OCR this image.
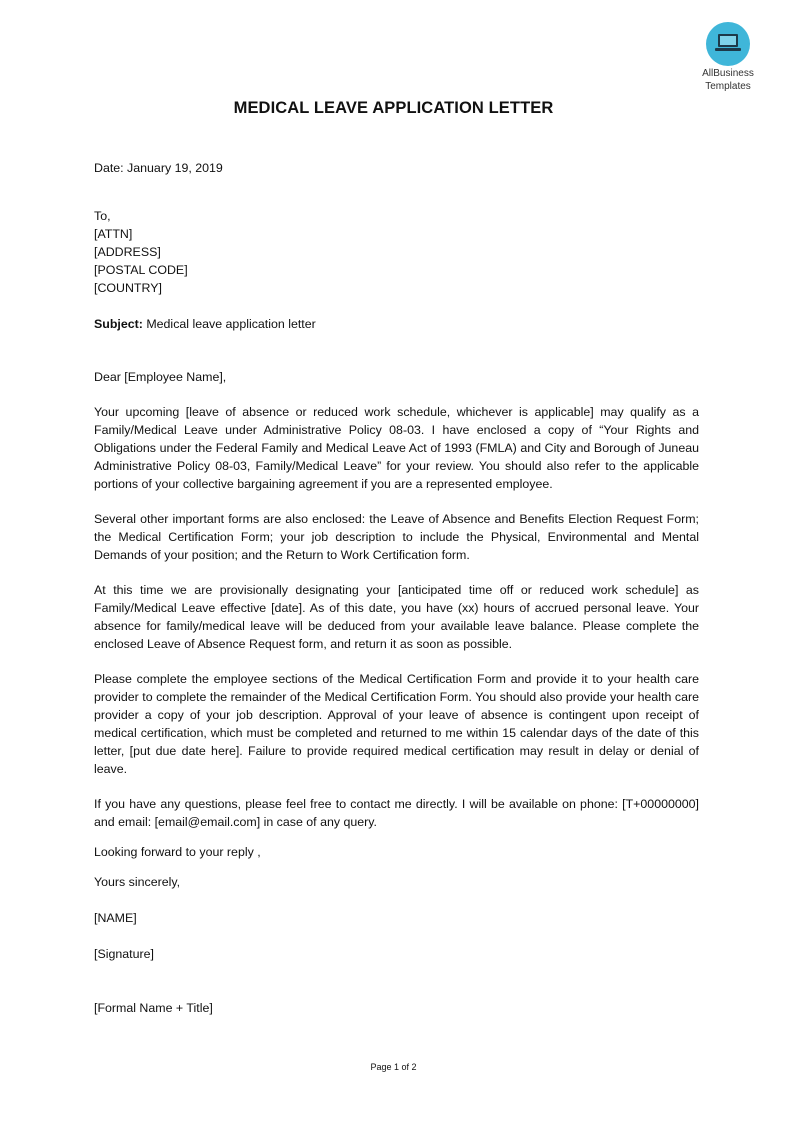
AllBusiness
Templates
MEDICAL LEAVE APPLICATION LETTER

Date: January 19, 2019

To,

[ATTN]

[ADDRESS]

[POSTAL CODE]

[COUNTRY]

Subject: Medical leave application letter

Dear [Employee Name],

Your upcoming [leave of absence or reduced work schedule, whichever is applicable] may qualify as a Family/Medical Leave under Administrative Policy 08-03. I have enclosed a copy of “Your Rights and Obligations under the Federal Family and Medical Leave Act of 1993 (FMLA) and City and Borough of Juneau Administrative Policy 08-03, Family/Medical Leave” for your review. You should also refer to the applicable portions of your collective bargaining agreement if you are a represented employee.

Several other important forms are also enclosed: the Leave of Absence and Benefits Election Request Form; the Medical Certification Form; your job description to include the Physical, Environmental and Mental Demands of your position; and the Return to Work Certification form.

At this time we are provisionally designating your [anticipated time off or reduced work schedule] as Family/Medical Leave effective [date]. As of this date, you have (xx) hours of accrued personal leave. Your absence for family/medical leave will be deduced from your available leave balance. Please complete the enclosed Leave of Absence Request form, and return it as soon as possible.

Please complete the employee sections of the Medical Certification Form and provide it to your health care provider to complete the remainder of the Medical Certification Form. You should also provide your health care provider a copy of your job description. Approval of your leave of absence is contingent upon receipt of medical certification, which must be completed and returned to me within 15 calendar days of the date of this letter, [put due date here]. Failure to provide required medical certification may result in delay or denial of leave.

If you have any questions, please feel free to contact me directly. I will be available on phone: [T+00000000] and email: [email@email.com] in case of any query.

Looking forward to your reply ,

Yours sincerely,

[NAME]

[Signature]

[Formal Name + Title]

Page 1 of 2
